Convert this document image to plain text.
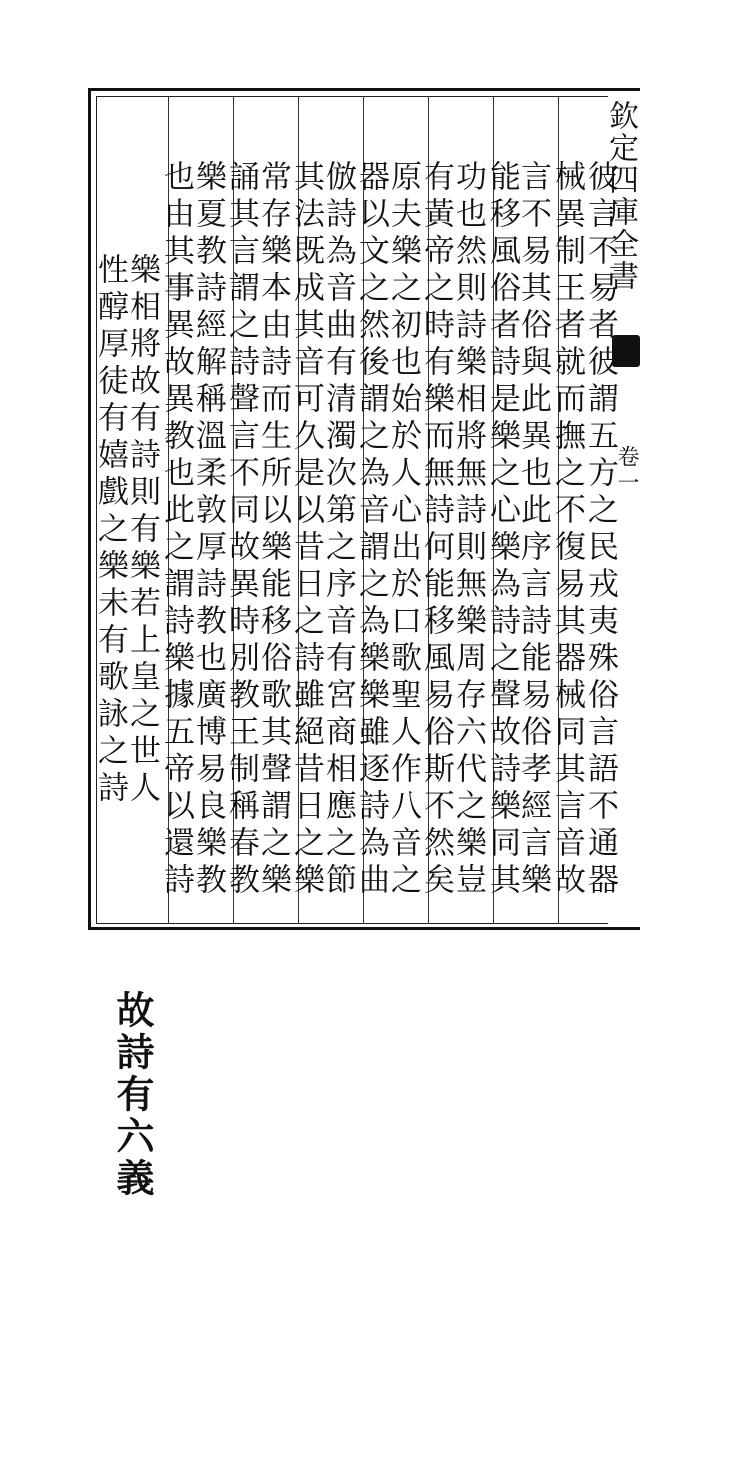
欽定四庫全書
卷一
彼言不易者彼謂五方之民戎夷殊俗言語不通器
械異制王者就而撫之不復易其器械同其言音故
言不易其俗與此異也此序言詩能易俗孝經言樂
能移風俗者詩是樂之心樂為詩之聲故詩樂同其
功也然則詩樂相將無詩則無樂周存六代之樂豈
有黃帝之時有樂而無詩何能移風易俗斯不然矣
原夫樂之初也始於人心出於口歌聖人作八音之
器以文之然後謂之為音謂之為樂樂雖逐詩為曲
倣詩為音曲有清濁次第之序音有宮商相應之節
其法既成其音可久是以昔日之詩雖絕昔日之樂
常存樂本由詩而生所以樂能移俗歌其聲謂之樂
誦其言謂之詩聲言不同故異時別教王制稱春教
樂夏教詩經解稱溫柔敦厚詩教也廣博易良樂教
也由其事異故異教也此之謂詩樂據五帝以還詩
樂相將故有詩則有樂若上皇之世人
性醇厚徒有嬉戲之樂未有歌詠之詩
故詩有六義
